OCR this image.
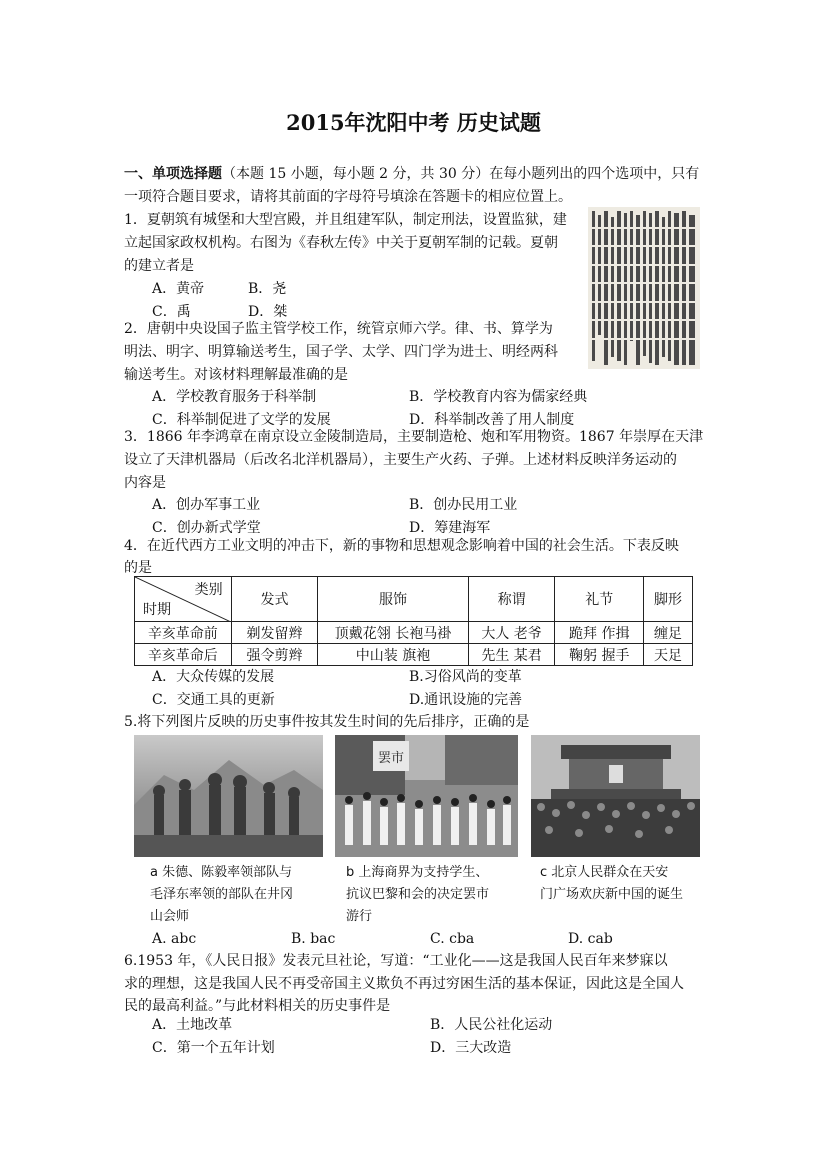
2015年沈阳中考 历史试题
一、单项选择题（本题 15 小题，每小题 2 分，共 30 分）在每小题列出的四个选项中，只有
一项符合题目要求，请将其前面的字母符号填涂在答题卡的相应位置上。
1．夏朝筑有城堡和大型宫殿，并且组建军队，制定刑法，设置监狱，建
立起国家政权机构。右图为《春秋左传》中关于夏朝军制的记载。夏朝
的建立者是
A．黄帝	B．尧
C．禹	D．桀
2．唐朝中央设国子监主管学校工作，统管京师六学。律、书、算学为
明法、明字、明算输送考生，国子学、太学、四门学为进士、明经两科
输送考生。对该材料理解最准确的是
A．学校教育服务于科举制	B．学校教育内容为儒家经典
C．科举制促进了文学的发展	D．科举制改善了用人制度
3．1866 年李鸿章在南京设立金陵制造局，主要制造枪、炮和军用物资。1867 年崇厚在天津
设立了天津机器局（后改名北洋机器局），主要生产火药、子弹。上述材料反映洋务运动的
内容是
A．创办军事工业	B．创办民用工业
C．创办新式学堂	D．筹建海军
4．在近代西方工业文明的冲击下，新的事物和思想观念影响着中国的社会生活。下表反映
的是
类别
时期	发式	服饰	称谓	礼节	脚形
辛亥革命前	剃发留辫	顶戴花翎 长袍马褂	大人 老爷	跪拜 作揖	缠足
辛亥革命后	强令剪辫	中山装 旗袍	先生 某君	鞠躬 握手	天足
A．大众传媒的发展	B.习俗风尚的变革
C．交通工具的更新	D.通讯设施的完善
5.将下列图片反映的历史事件按其发生时间的先后排序，正确的是
a 朱德、陈毅率领部队与
毛泽东率领的部队在井冈
山会师
罢市
b 上海商界为支持学生、
抗议巴黎和会的决定罢市
游行
c 北京人民群众在天安
门广场欢庆新中国的诞生
A. abc	B. bac	C. cba	D. cab
6.1953 年，《人民日报》发表元旦社论，写道：“工业化——这是我国人民百年来梦寐以
求的理想，这是我国人民不再受帝国主义欺负不再过穷困生活的基本保证，因此这是全国人
民的最高利益。”与此材料相关的历史事件是
A．土地改革	B．人民公社化运动
C．第一个五年计划	D．三大改造
